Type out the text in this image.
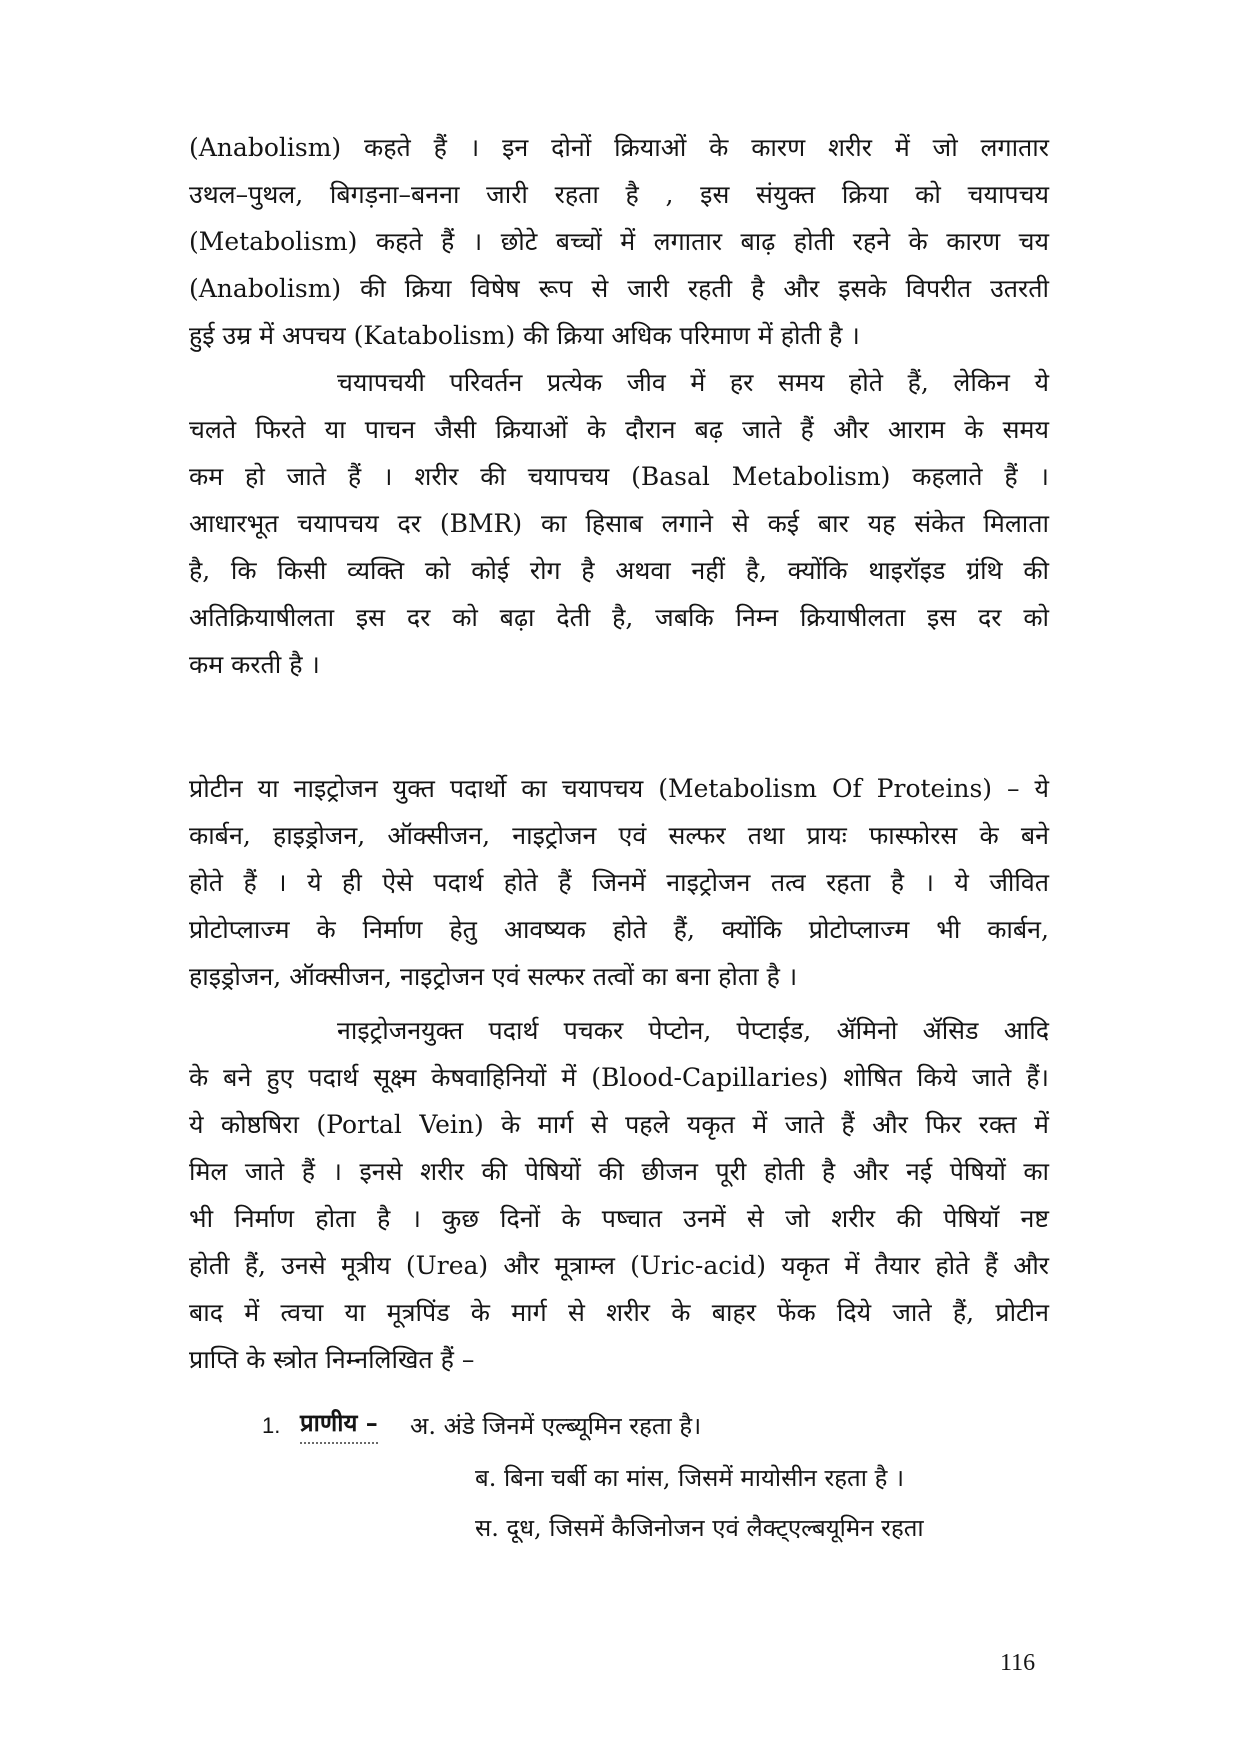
(Anabolism) कहते हैं । इन दोनों क्रियाओं के कारण शरीर में जो लगातार
उथल–पुथल, बिगड़ना–बनना जारी रहता है , इस संयुक्त क्रिया को चयापचय
(Metabolism) कहते हैं । छोटे बच्चों में लगातार बाढ़ होती रहने के कारण चय
(Anabolism) की क्रिया विषेष रूप से जारी रहती है और इसके विपरीत उतरती
हुई उम्र में अपचय (Katabolism) की क्रिया अधिक परिमाण में होती है ।
चयापचयी परिवर्तन प्रत्येक जीव में हर समय होते हैं, लेकिन ये
चलते फिरते या पाचन जैसी क्रियाओं के दौरान बढ़ जाते हैं और आराम के समय
कम हो जाते हैं । शरीर की चयापचय (Basal Metabolism) कहलाते हैं ।
आधारभूत चयापचय दर (BMR) का हिसाब लगाने से कई बार यह संकेत मिलाता
है, कि किसी व्यक्ति को कोई रोग है अथवा नहीं है, क्योंकि थाइरॉइड ग्रंथि की
अतिक्रियाषीलता इस दर को बढ़ा देती है, जबकि निम्न क्रियाषीलता इस दर को
कम करती है ।
प्रोटीन या नाइट्रोजन युक्त पदार्थो का चयापचय (Metabolism Of Proteins) – ये
कार्बन, हाइड्रोजन, ऑक्सीजन, नाइट्रोजन एवं सल्फर तथा प्रायः फास्फोरस के बने
होते हैं । ये ही ऐसे पदार्थ होते हैं जिनमें नाइट्रोजन तत्व रहता है । ये जीवित
प्रोटोप्लाज्म के निर्माण हेतु आवष्यक होते हैं, क्योंकि प्रोटोप्लाज्म भी कार्बन,
हाइड्रोजन, ऑक्सीजन, नाइट्रोजन एवं सल्फर तत्वों का बना होता है ।
नाइट्रोजनयुक्त पदार्थ पचकर पेप्टोन, पेप्टाईड, ॲमिनो ॲसिड आदि
के बने हुए पदार्थ सूक्ष्म केषवाहिनियों में (Blood-Capillaries) शोषित किये जाते हैं।
ये कोष्ठषिरा (Portal Vein) के मार्ग से पहले यकृत में जाते हैं और फिर रक्त में
मिल जाते हैं । इनसे शरीर की पेषियों की छीजन पूरी होती है और नई पेषियों का
भी निर्माण होता है । कुछ दिनों के पष्चात उनमें से जो शरीर की पेषियॉ नष्ट
होती हैं, उनसे मूत्रीय (Urea) और मूत्राम्ल (Uric-acid) यकृत में तैयार होते हैं और
बाद में त्वचा या मूत्रपिंड के मार्ग से शरीर के बाहर फेंक दिये जाते हैं, प्रोटीन
प्राप्ति के स्त्रोत निम्नलिखित हैं –
1. प्राणीय – अ. अंडे जिनमें एल्ब्यूमिन रहता है।
ब. बिना चर्बी का मांस, जिसमें मायोसीन रहता है ।
स. दूध, जिसमें कैजिनोजन एवं लैक्ट्एल्बयूमिन रहता
116
